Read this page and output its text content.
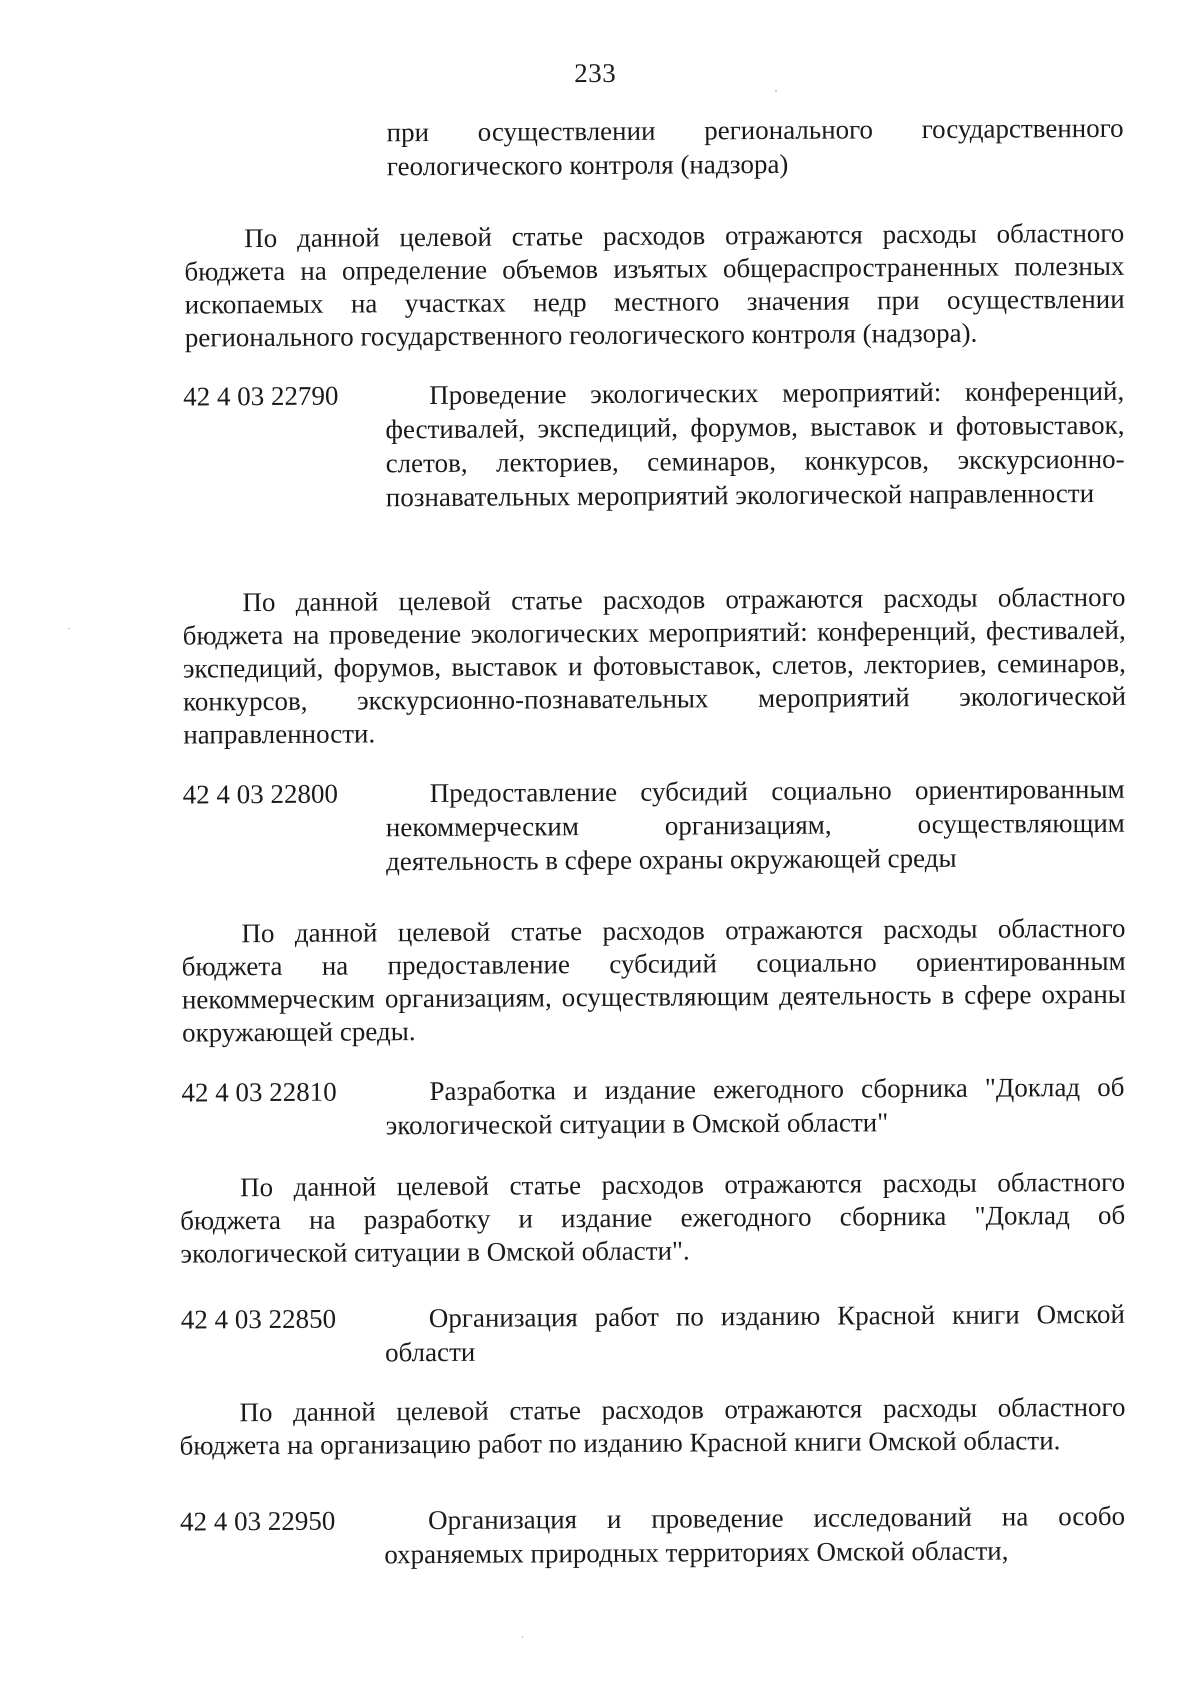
233
при осуществлении регионального государственного геологического контроля (надзора)
По данной целевой статье расходов отражаются расходы областного бюджета на определение объемов изъятых общераспространенных полезных ископаемых на участках недр местного значения при осуществлении регионального государственного геологического контроля (надзора).
42 4 03 22790	Проведение экологических мероприятий: конференций, фестивалей, экспедиций, форумов, выставок и фотовыставок, слетов, лекториев, семинаров, конкурсов, экскурсионно-познавательных мероприятий экологической направленности
По данной целевой статье расходов отражаются расходы областного бюджета на проведение экологических мероприятий: конференций, фестивалей, экспедиций, форумов, выставок и фотовыставок, слетов, лекториев, семинаров, конкурсов, экскурсионно-познавательных мероприятий экологической направленности.
42 4 03 22800	Предоставление субсидий социально ориентированным некоммерческим организациям, осуществляющим деятельность в сфере охраны окружающей среды
По данной целевой статье расходов отражаются расходы областного бюджета на предоставление субсидий социально ориентированным некоммерческим организациям, осуществляющим деятельность в сфере охраны окружающей среды.
42 4 03 22810	Разработка и издание ежегодного сборника "Доклад об экологической ситуации в Омской области"
По данной целевой статье расходов отражаются расходы областного бюджета на разработку и издание ежегодного сборника "Доклад об экологической ситуации в Омской области".
42 4 03 22850	Организация работ по изданию Красной книги Омской области
По данной целевой статье расходов отражаются расходы областного бюджета на организацию работ по изданию Красной книги Омской области.
42 4 03 22950	Организация и проведение исследований на особо охраняемых природных территориях Омской области,
